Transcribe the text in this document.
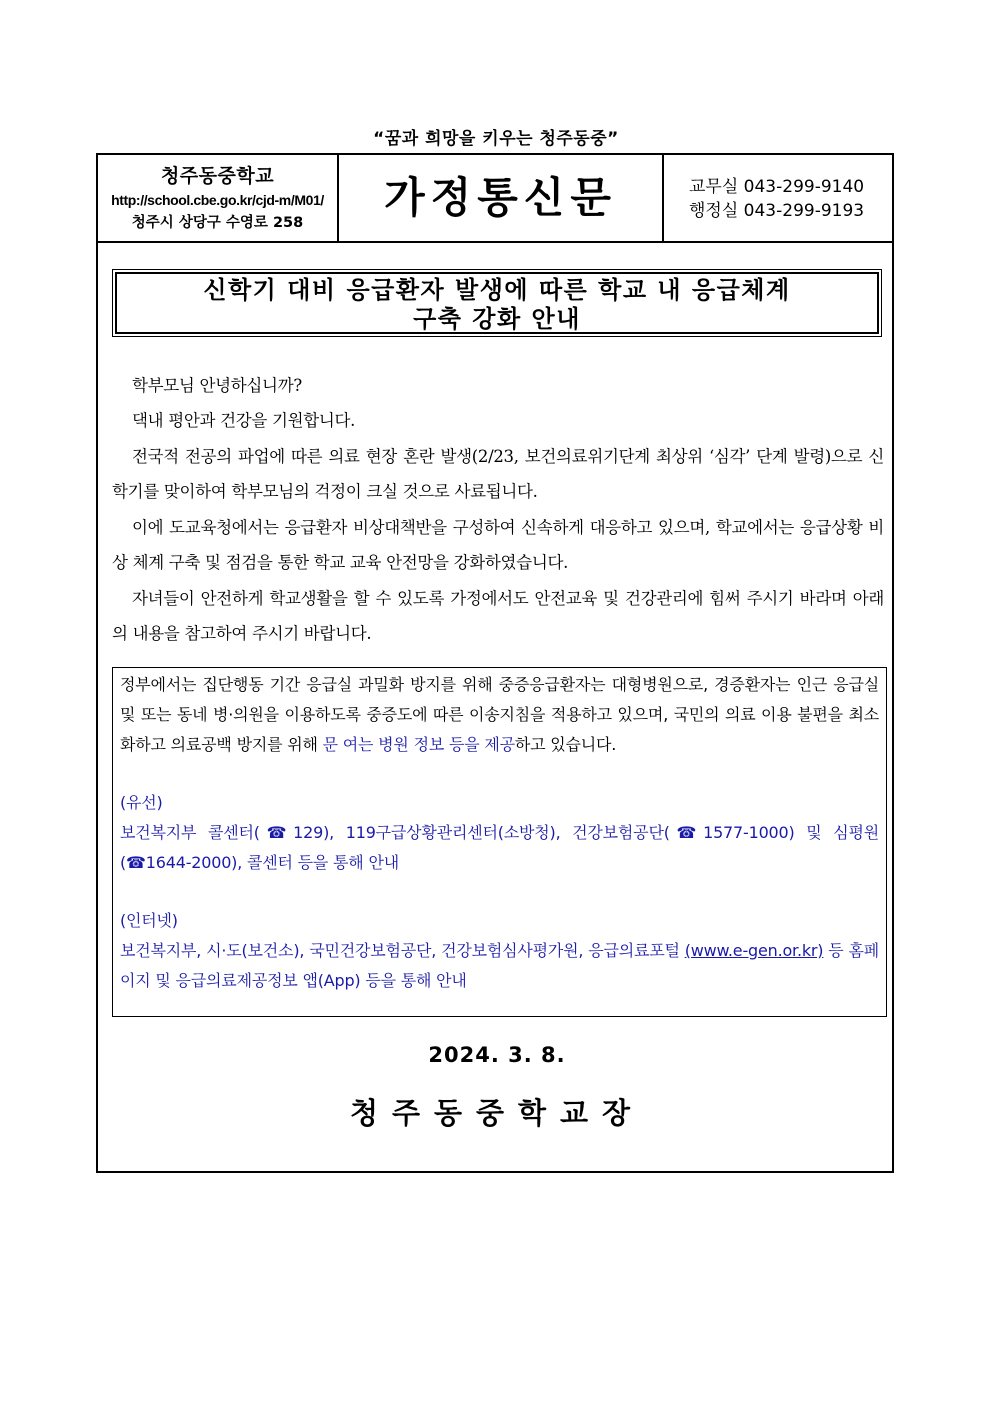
“꿈과 희망을 키우는 청주동중”
청주동중학교
http://school.cbe.go.kr/cjd-m/M01/
청주시 상당구 수영로 258
가정통신문	교무실 043-299-9140
행정실 043-299-9193
신학기 대비 응급환자 발생에 따른 학교 내 응급체계
구축 강화 안내

학부모님 안녕하십니까?

댁내 평안과 건강을 기원합니다.

전국적 전공의 파업에 따른 의료 현장 혼란 발생(2/23, 보건의료위기단계 최상위 ‘심각’ 단계 발령)으로 신학기를 맞이하여 학부모님의 걱정이 크실 것으로 사료됩니다.

이에 도교육청에서는 응급환자 비상대책반을 구성하여 신속하게 대응하고 있으며, 학교에서는 응급상황 비상 체계 구축 및 점검을 통한 학교 교육 안전망을 강화하였습니다.

자녀들이 안전하게 학교생활을 할 수 있도록 가정에서도 안전교육 및 건강관리에 힘써 주시기 바라며 아래의 내용을 참고하여 주시기 바랍니다.

정부에서는 집단행동 기간 응급실 과밀화 방지를 위해 중증응급환자는 대형병원으로, 경증환자는 인근 응급실 및 또는 동네 병·의원을 이용하도록 중증도에 따른 이송지침을 적용하고 있으며, 국민의 의료 이용 불편을 최소화하고 의료공백 방지를 위해 문 여는 병원 정보 등을 제공하고 있습니다.

(유선)

보건복지부 콜센터(☎129), 119구급상황관리센터(소방청), 건강보험공단(☎1577-1000) 및 심평원(☎1644-2000), 콜센터 등을 통해 안내

(인터넷)

보건복지부, 시·도(보건소), 국민건강보험공단, 건강보험심사평가원, 응급의료포털 (www.e-gen.or.kr) 등 홈페이지 및 응급의료제공정보 앱(App) 등을 통해 안내

2024. 3. 8.
청주동중학교장
